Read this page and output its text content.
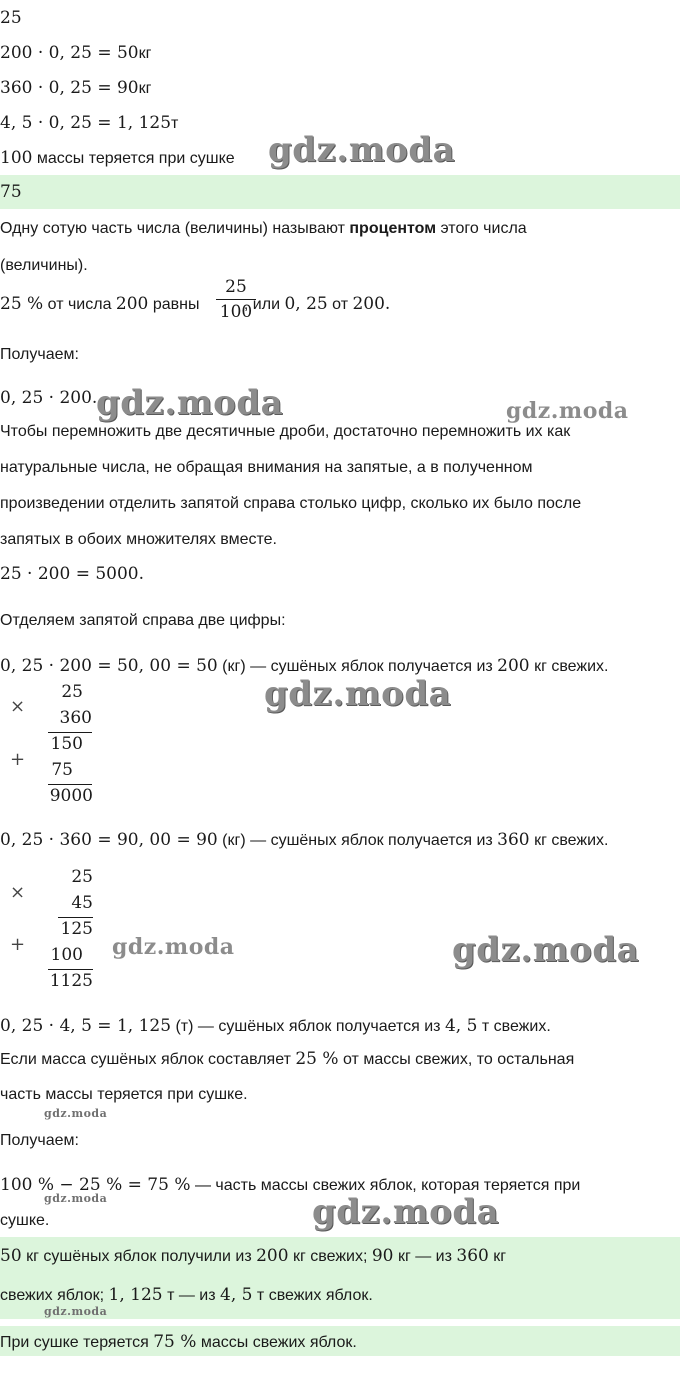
25
200 · 0, 25 = 50кг
360 · 0, 25 = 90кг
4, 5 · 0, 25 = 1, 125т
100 массы теряется при сушке
75
Одну сотую часть числа (величины) называют процентом этого числа
(величины).
25 % от числа 200 равны	, или 0, 25 от 200.
25
100
Получаем:
0, 25 · 200.
Чтобы перемножить две десятичные дроби, достаточно перемножить их как
натуральные числа, не обращая внимания на запятые, а в полученном
произведении отделить запятой справа столько цифр, сколько их было после
запятых в обоих множителях вместе.
25 · 200 = 5000.
Отделяем запятой справа две цифры:
0, 25 · 200 = 50, 00 = 50 (кг) — сушёных яблок получается из 200 кг свежих.
×
+
25
360
150
75
9000
0, 25 · 360 = 90, 00 = 90 (кг) — сушёных яблок получается из 360 кг свежих.
×
+
25
45
125
100
1125
0, 25 · 4, 5 = 1, 125 (т) — сушёных яблок получается из 4, 5 т свежих.
Если масса сушёных яблок составляет 25 % от массы свежих, то остальная
часть массы теряется при сушке.
Получаем:
100 % − 25 % = 75 % — часть массы свежих яблок, которая теряется при
сушке.
50 кг сушёных яблок получили из 200 кг свежих; 90 кг — из 360 кг
свежих яблок; 1, 125 т — из 4, 5 т свежих яблок.
При сушке теряется 75 % массы свежих яблок.
gdz.moda
gdz.moda	gdz.moda
gdz.moda
gdz.moda	gdz.moda
gdz.moda
gdz.moda	gdz.moda
gdz.moda
